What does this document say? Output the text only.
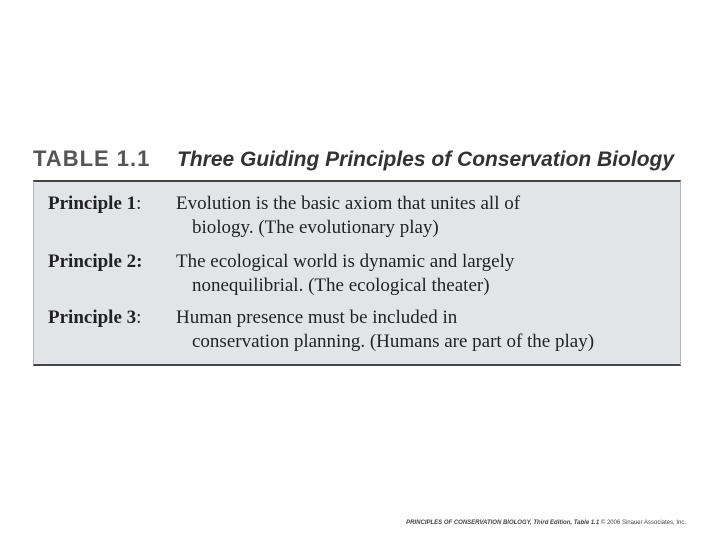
TABLE 1.1	Three Guiding Principles of Conservation Biology
Principle 1:	Evolution is the basic axiom that unites all of
biology. (The evolutionary play)
Principle 2:	The ecological world is dynamic and largely
nonequilibrial. (The ecological theater)
Principle 3:	Human presence must be included in
conservation planning. (Humans are part of the play)
PRINCIPLES OF CONSERVATION BIOLOGY, Third Edition, Table 1.1 © 2006 Sinauer Associates, Inc.
